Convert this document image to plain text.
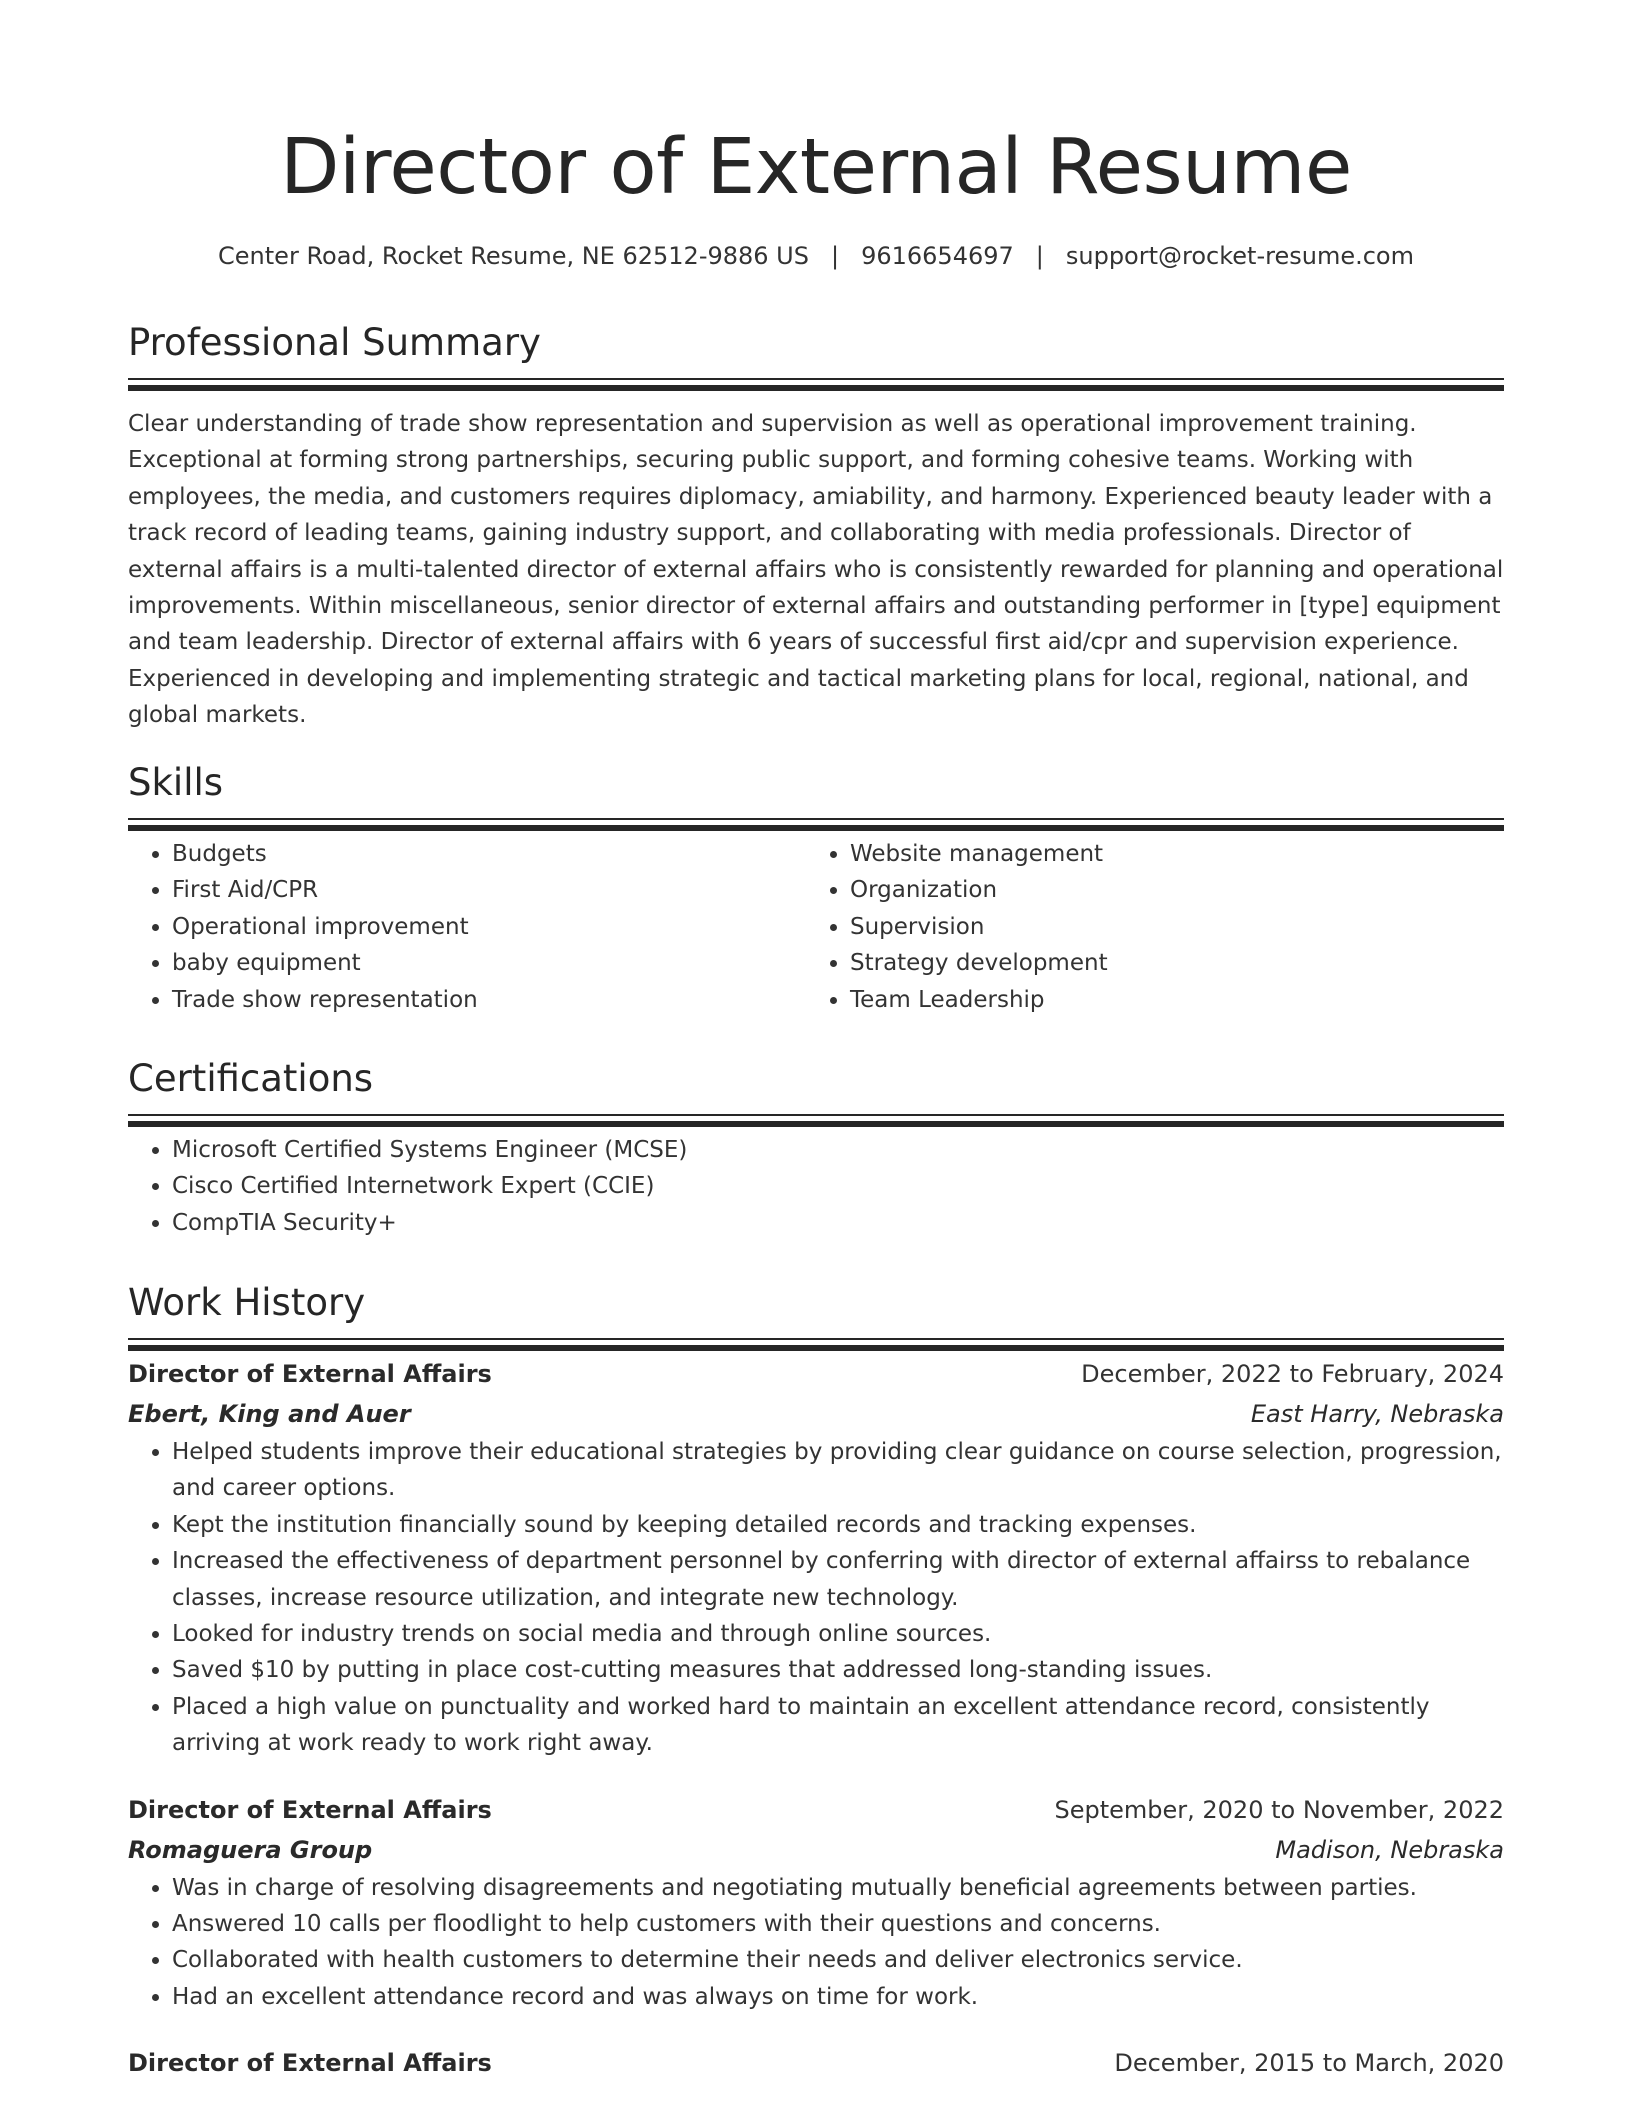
Director of External Resume
Center Road, Rocket Resume, NE 62512-9886 US | 9616654697 | support@rocket-resume.com
Professional Summary
Clear understanding of trade show representation and supervision as well as operational improvement training. Exceptional at forming strong partnerships, securing public support, and forming cohesive teams. Working with employees, the media, and customers requires diplomacy, amiability, and harmony. Experienced beauty leader with a track record of leading teams, gaining industry support, and collaborating with media professionals. Director of external affairs is a multi-talented director of external affairs who is consistently rewarded for planning and operational improvements. Within miscellaneous, senior director of external affairs and outstanding performer in [type] equipment and team leadership. Director of external affairs with 6 years of successful first aid/cpr and supervision experience. Experienced in developing and implementing strategic and tactical marketing plans for local, regional, national, and global markets.
Skills
• Budgets
• First Aid/CPR
• Operational improvement
• baby equipment
• Trade show representation
• Website management
• Organization
• Supervision
• Strategy development
• Team Leadership
Certifications
• Microsoft Certified Systems Engineer (MCSE)
• Cisco Certified Internetwork Expert (CCIE)
• CompTIA Security+
Work History
Director of External Affairs	December, 2022 to February, 2024
Ebert, King and Auer	East Harry, Nebraska
• Helped students improve their educational strategies by providing clear guidance on course selection, progression, and career options.
• Kept the institution financially sound by keeping detailed records and tracking expenses.
• Increased the effectiveness of department personnel by conferring with director of external affairss to rebalance classes, increase resource utilization, and integrate new technology.
• Looked for industry trends on social media and through online sources.
• Saved $10 by putting in place cost-cutting measures that addressed long-standing issues.
• Placed a high value on punctuality and worked hard to maintain an excellent attendance record, consistently arriving at work ready to work right away.
Director of External Affairs	September, 2020 to November, 2022
Romaguera Group	Madison, Nebraska
• Was in charge of resolving disagreements and negotiating mutually beneficial agreements between parties.
• Answered 10 calls per floodlight to help customers with their questions and concerns.
• Collaborated with health customers to determine their needs and deliver electronics service.
• Had an excellent attendance record and was always on time for work.
Director of External Affairs	December, 2015 to March, 2020
